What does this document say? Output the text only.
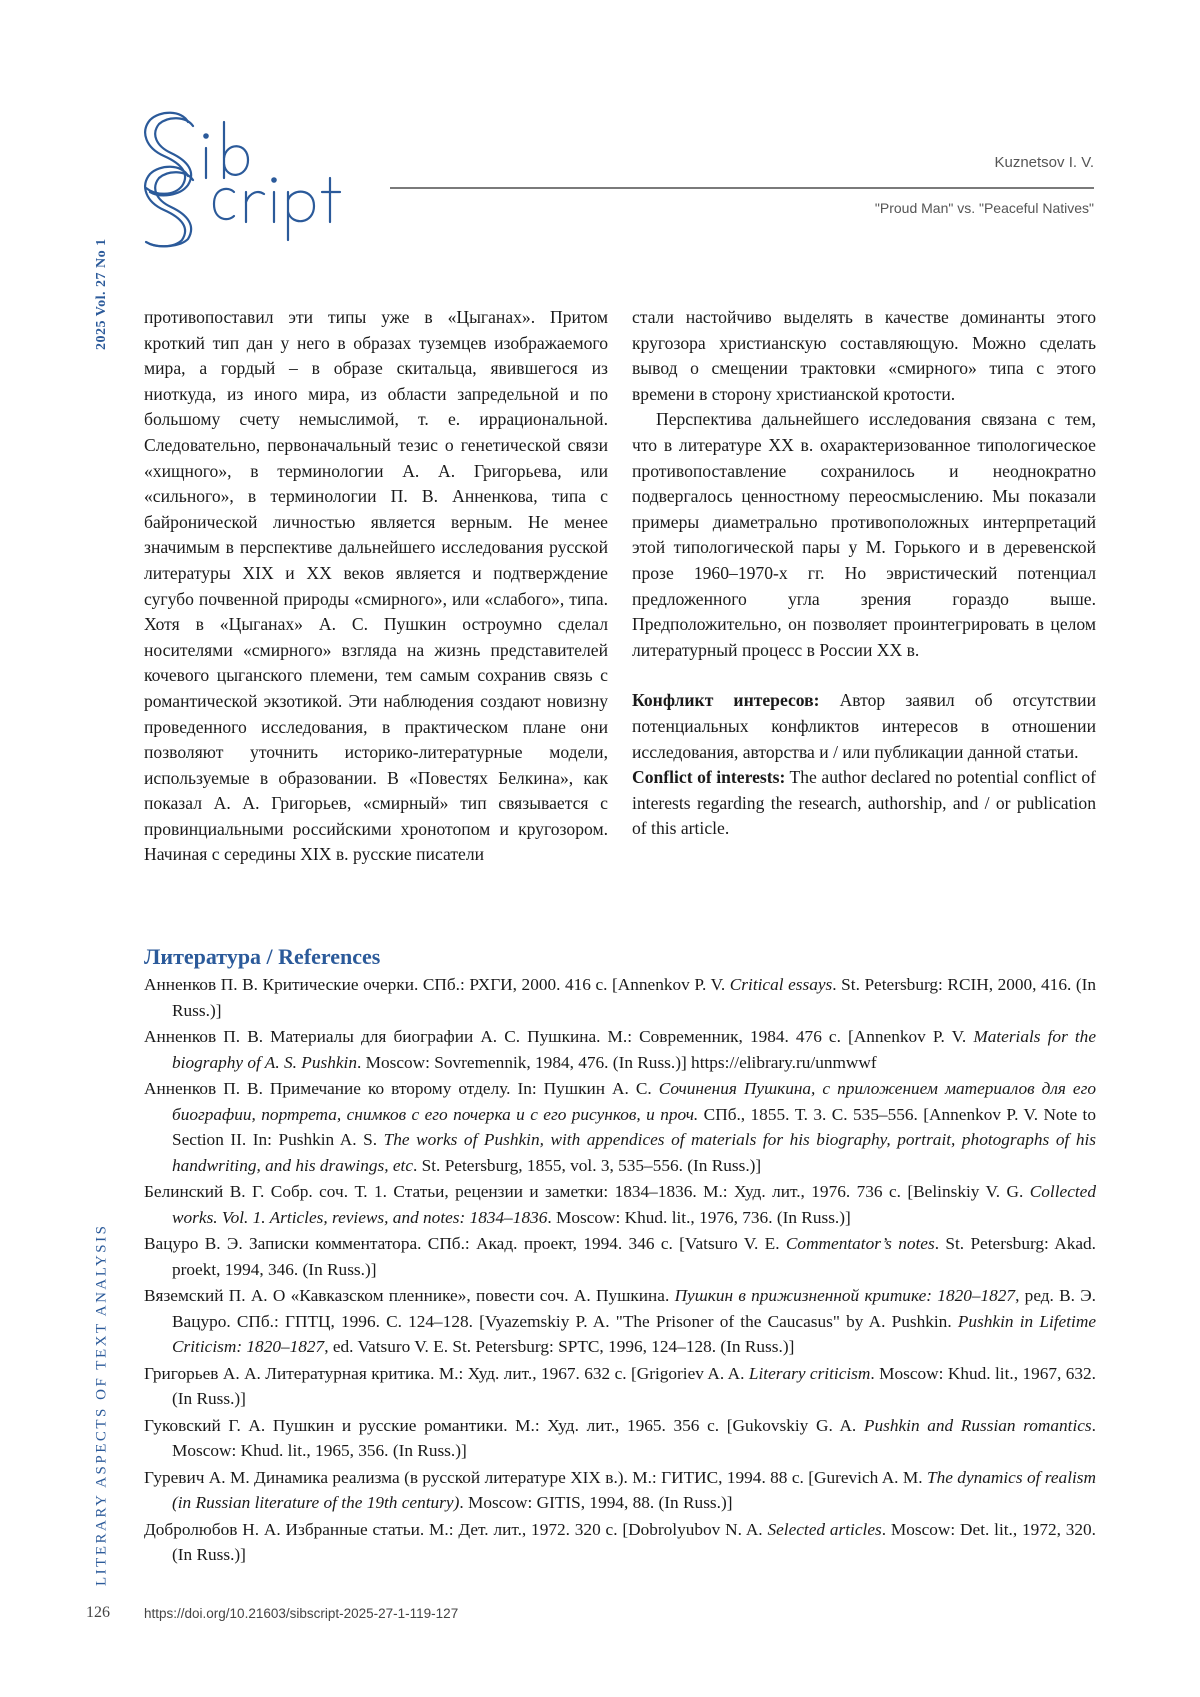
2025 Vol. 27 No 1
Kuznetsov I. V.
"Proud Man" vs. "Peaceful Natives"

противопоставил эти типы уже в «Цыганах». Притом кроткий тип дан у него в образах туземцев изображаемого мира, а гордый – в образе скитальца, явившегося из ниоткуда, из иного мира, из области запредельной и по большому счету немыслимой, т. е. иррациональной. Следовательно, первоначальный тезис о генетической связи «хищного», в терминологии А. А. Григорьева, или «сильного», в терминологии П. В. Анненкова, типа с байронической личностью является верным. Не менее значимым в перспективе дальнейшего исследования русской литературы XIX и XX веков является и подтверждение сугубо почвенной природы «смирного», или «слабого», типа. Хотя в «Цыганах» А. С. Пушкин остроумно сделал носителями «смирного» взгляда на жизнь представителей кочевого цыганского племени, тем самым сохранив связь с романтической экзотикой. Эти наблюдения создают новизну проведенного исследования, в практическом плане они позволяют уточнить историко-литературные модели, используемые в образовании. В «Повестях Белкина», как показал А. А. Григорьев, «смирный» тип связывается с провинциальными российскими хронотопом и кругозором. Начиная с середины XIX в. русские писатели

стали настойчиво выделять в качестве доминанты этого кругозора христианскую составляющую. Можно сделать вывод о смещении трактовки «смирного» типа с этого времени в сторону христианской кротости.

Перспектива дальнейшего исследования связана с тем, что в литературе XX в. охарактеризованное типологическое противопоставление сохранилось и неоднократно подвергалось ценностному переосмыслению. Мы показали примеры диаметрально противоположных интерпретаций этой типологической пары у М. Горького и в деревенской прозе 1960–1970-х гг. Но эвристический потенциал предложенного угла зрения гораздо выше. Предположительно, он позволяет проинтегрировать в целом литературный процесс в России XX в.

Конфликт интересов: Автор заявил об отсутствии потенциальных конфликтов интересов в отношении исследования, авторства и / или публикации данной статьи.

Conflict of interests: The author declared no potential conflict of interests regarding the research, authorship, and / or publication of this article.

Литература / References

Анненков П. В. Критические очерки. СПб.: РХГИ, 2000. 416 с. [Annenkov P. V. Critical essays. St. Petersburg: RCIH, 2000, 416. (In Russ.)]

Анненков П. В. Материалы для биографии А. С. Пушкина. М.: Современник, 1984. 476 с. [Annenkov P. V. Materials for the biography of A. S. Pushkin. Moscow: Sovremennik, 1984, 476. (In Russ.)] https://elibrary.ru/unmwwf

Анненков П. В. Примечание ко второму отделу. In: Пушкин А. С. Сочинения Пушкина, с приложением материалов для его биографии, портрета, снимков с его почерка и с его рисунков, и проч. СПб., 1855. Т. 3. С. 535–556. [Annenkov P. V. Note to Section II. In: Pushkin A. S. The works of Pushkin, with appendices of materials for his biography, portrait, photographs of his handwriting, and his drawings, etc. St. Petersburg, 1855, vol. 3, 535–556. (In Russ.)]

Белинский В. Г. Собр. соч. Т. 1. Статьи, рецензии и заметки: 1834–1836. М.: Худ. лит., 1976. 736 с. [Belinskiy V. G. Collected works. Vol. 1. Articles, reviews, and notes: 1834–1836. Moscow: Khud. lit., 1976, 736. (In Russ.)]

Вацуро В. Э. Записки комментатора. СПб.: Акад. проект, 1994. 346 с. [Vatsuro V. E. Commentator’s notes. St. Petersburg: Akad. proekt, 1994, 346. (In Russ.)]

Вяземский П. А. О «Кавказском пленнике», повести соч. А. Пушкина. Пушкин в прижизненной критике: 1820–1827, ред. В. Э. Вацуро. СПб.: ГПТЦ, 1996. С. 124–128. [Vyazemskiy P. A. "The Prisoner of the Caucasus" by A. Pushkin. Pushkin in Lifetime Criticism: 1820–1827, ed. Vatsuro V. E. St. Petersburg: SPTC, 1996, 124–128. (In Russ.)]

Григорьев А. А. Литературная критика. М.: Худ. лит., 1967. 632 с. [Grigoriev A. A. Literary criticism. Moscow: Khud. lit., 1967, 632. (In Russ.)]

Гуковский Г. А. Пушкин и русские романтики. М.: Худ. лит., 1965. 356 с. [Gukovskiy G. A. Pushkin and Russian romantics. Moscow: Khud. lit., 1965, 356. (In Russ.)]

Гуревич А. М. Динамика реализма (в русской литературе XIX в.). М.: ГИТИС, 1994. 88 с. [Gurevich A. M. The dynamics of realism (in Russian literature of the 19th century). Moscow: GITIS, 1994, 88. (In Russ.)]

Добролюбов Н. А. Избранные статьи. М.: Дет. лит., 1972. 320 с. [Dobrolyubov N. A. Selected articles. Moscow: Det. lit., 1972, 320. (In Russ.)]

LITERARY ASPECTS OF TEXT ANALYSIS
126	https://doi.org/10.21603/sibscript-2025-27-1-119-127
